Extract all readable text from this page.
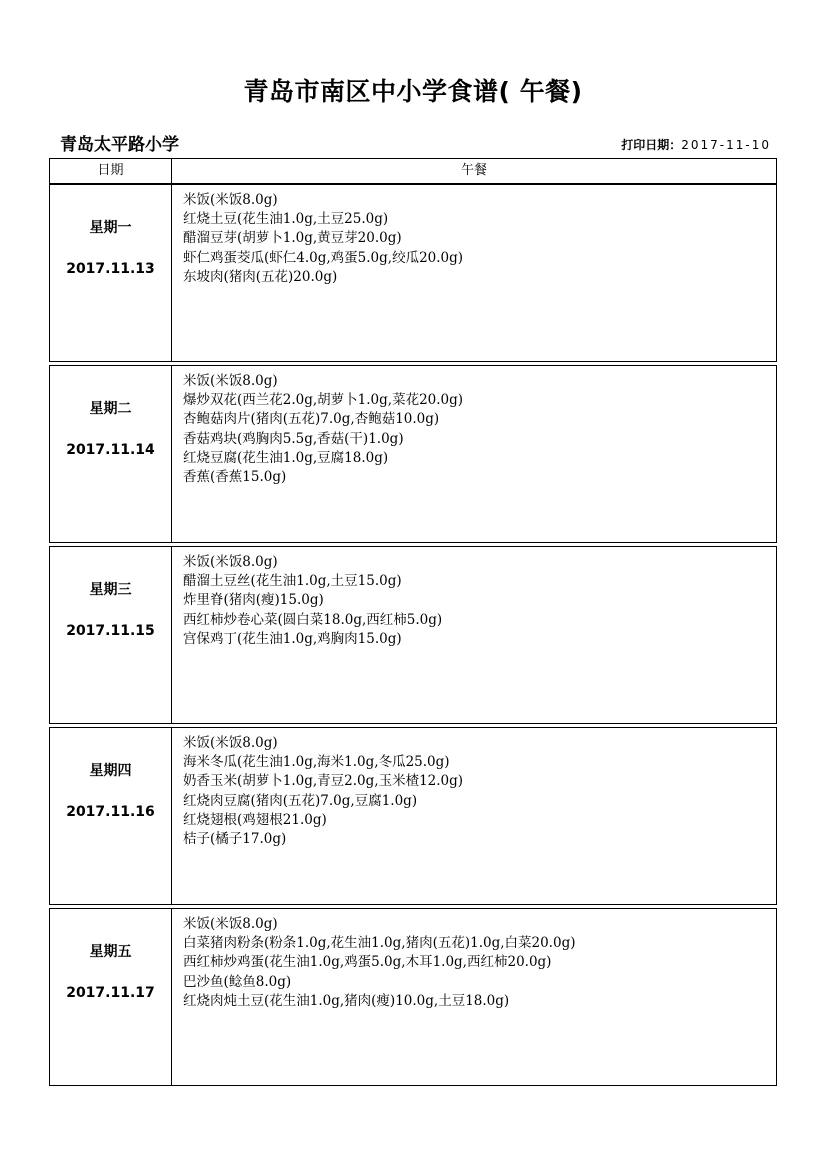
青岛市南区中小学食谱( 午餐)
青岛太平路小学	打印日期：2017-11-10
日期	午餐
星期一
2017.11.13
米饭(米饭8.0g)
红烧土豆(花生油1.0g,土豆25.0g)
醋溜豆芽(胡萝卜1.0g,黄豆芽20.0g)
虾仁鸡蛋茭瓜(虾仁4.0g,鸡蛋5.0g,绞瓜20.0g)
东坡肉(猪肉(五花)20.0g)
星期二
2017.11.14
米饭(米饭8.0g)
爆炒双花(西兰花2.0g,胡萝卜1.0g,菜花20.0g)
杏鲍菇肉片(猪肉(五花)7.0g,杏鲍菇10.0g)
香菇鸡块(鸡胸肉5.5g,香菇(干)1.0g)
红烧豆腐(花生油1.0g,豆腐18.0g)
香蕉(香蕉15.0g)
星期三
2017.11.15
米饭(米饭8.0g)
醋溜土豆丝(花生油1.0g,土豆15.0g)
炸里脊(猪肉(瘦)15.0g)
西红柿炒卷心菜(圆白菜18.0g,西红柿5.0g)
宫保鸡丁(花生油1.0g,鸡胸肉15.0g)
星期四
2017.11.16
米饭(米饭8.0g)
海米冬瓜(花生油1.0g,海米1.0g,冬瓜25.0g)
奶香玉米(胡萝卜1.0g,青豆2.0g,玉米楂12.0g)
红烧肉豆腐(猪肉(五花)7.0g,豆腐1.0g)
红烧翅根(鸡翅根21.0g)
桔子(橘子17.0g)
星期五
2017.11.17
米饭(米饭8.0g)
白菜猪肉粉条(粉条1.0g,花生油1.0g,猪肉(五花)1.0g,白菜20.0g)
西红柿炒鸡蛋(花生油1.0g,鸡蛋5.0g,木耳1.0g,西红柿20.0g)
巴沙鱼(鲶鱼8.0g)
红烧肉炖土豆(花生油1.0g,猪肉(瘦)10.0g,土豆18.0g)
